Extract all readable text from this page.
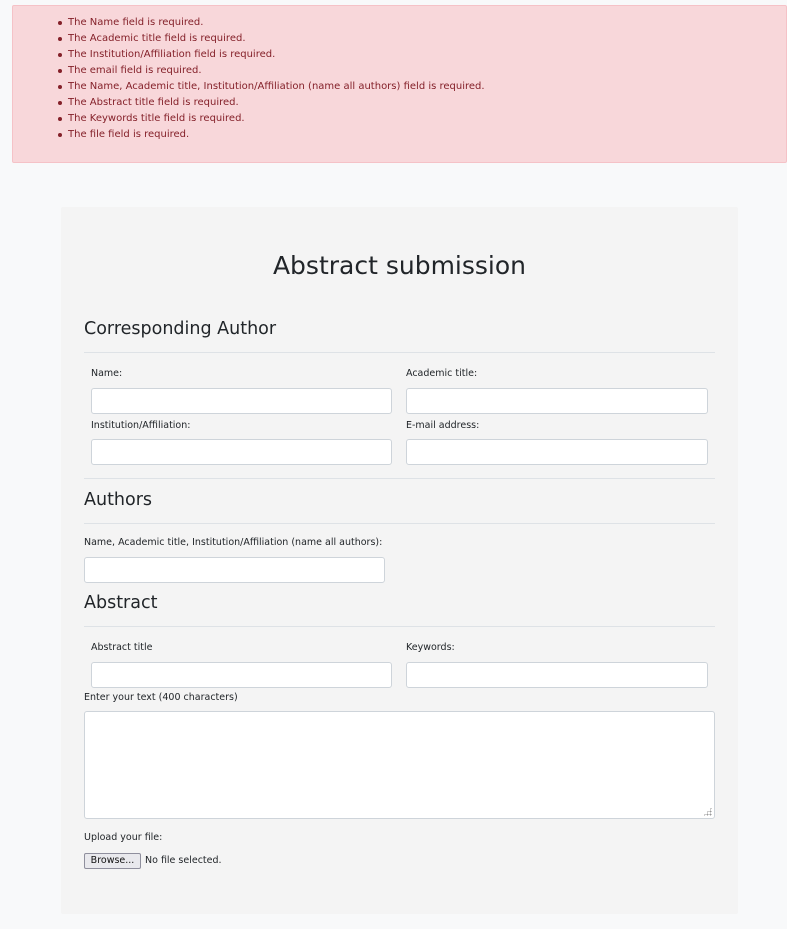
The Name field is required.
The Academic title field is required.
The Institution/Affiliation field is required.
The email field is required.
The Name, Academic title, Institution/Affiliation (name all authors) field is required.
The Abstract title field is required.
The Keywords title field is required.
The file field is required.
Abstract submission
Corresponding Author
Name:	Academic title:
Institution/Affiliation:	E-mail address:
Authors
Name, Academic title, Institution/Affiliation (name all authors):
Abstract
Abstract title	Keywords:
Enter your text (400 characters)
Upload your file:
Browse...	No file selected.
